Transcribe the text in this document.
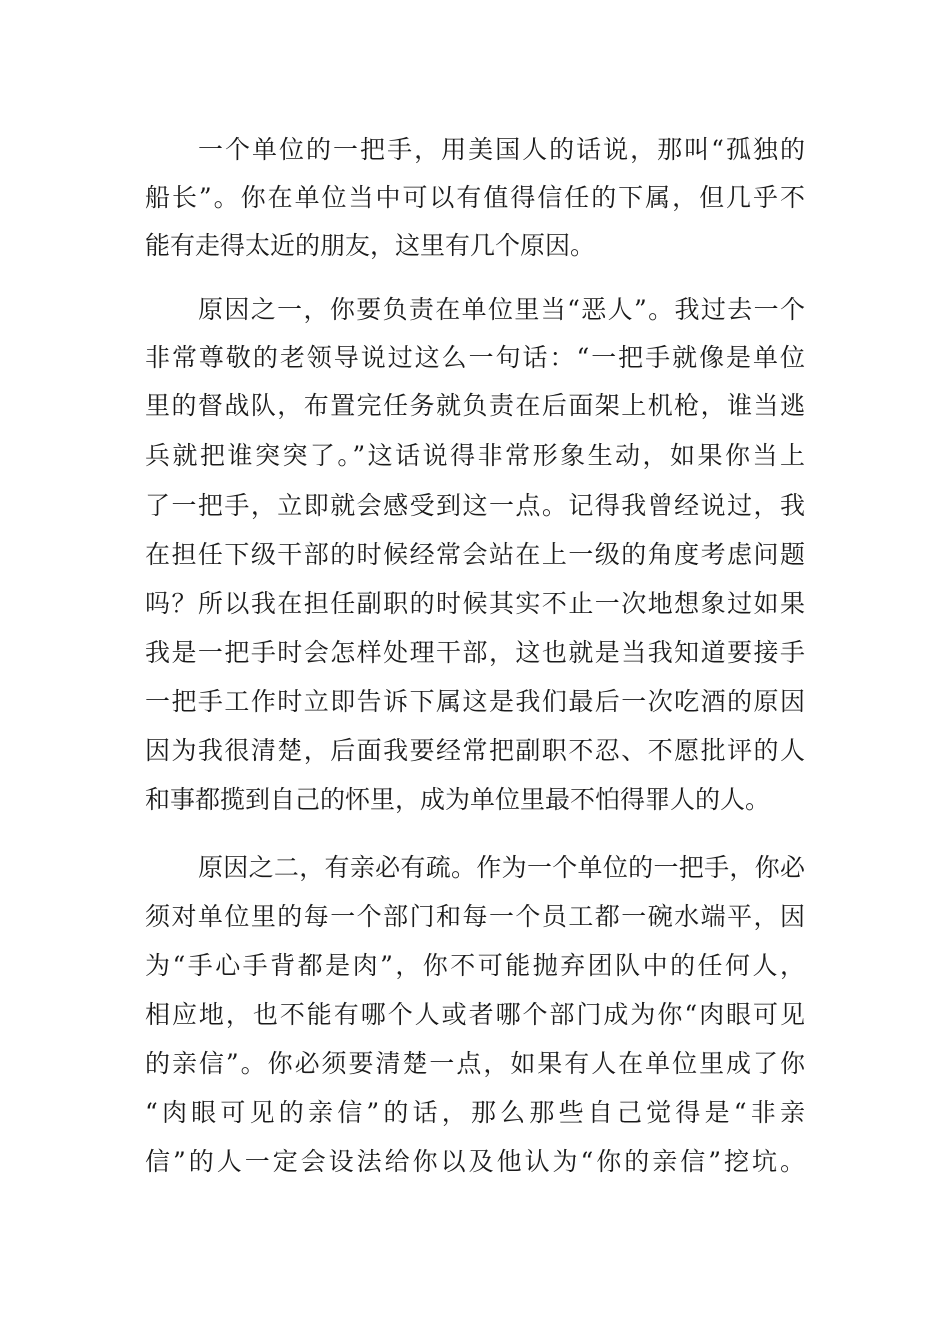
一个单位的一把手，用美国人的话说，那叫“孤独的
船长”。你在单位当中可以有值得信任的下属，但几乎不
能有走得太近的朋友，这里有几个原因。
原因之一，你要负责在单位里当“恶人”。我过去一个
非常尊敬的老领导说过这么一句话：“一把手就像是单位
里的督战队，布置完任务就负责在后面架上机枪，谁当逃
兵就把谁突突了。”这话说得非常形象生动，如果你当上
了一把手，立即就会感受到这一点。记得我曾经说过，我
在担任下级干部的时候经常会站在上一级的角度考虑问题
吗？所以我在担任副职的时候其实不止一次地想象过如果
我是一把手时会怎样处理干部，这也就是当我知道要接手
一把手工作时立即告诉下属这是我们最后一次吃酒的原因
因为我很清楚，后面我要经常把副职不忍、不愿批评的人
和事都揽到自己的怀里，成为单位里最不怕得罪人的人。
原因之二，有亲必有疏。作为一个单位的一把手，你必
须对单位里的每一个部门和每一个员工都一碗水端平，因
为“手心手背都是肉”，你不可能抛弃团队中的任何人，
相应地，也不能有哪个人或者哪个部门成为你“肉眼可见
的亲信”。你必须要清楚一点，如果有人在单位里成了你
“肉眼可见的亲信”的话，那么那些自己觉得是“非亲
信”的人一定会设法给你以及他认为“你的亲信”挖坑。
